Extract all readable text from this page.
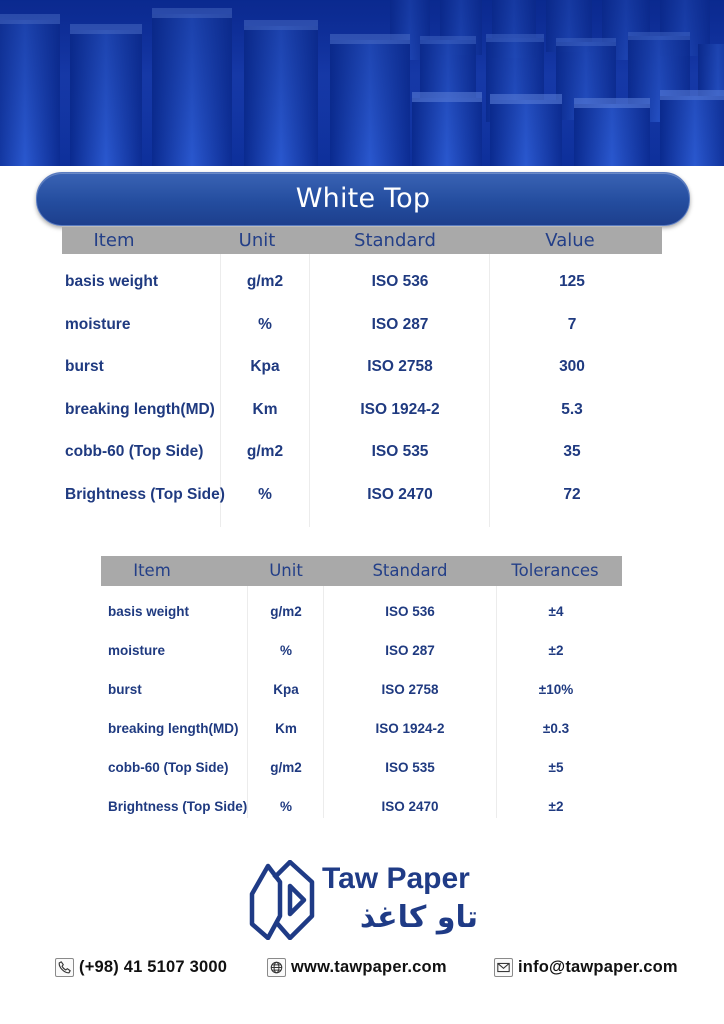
White Top
Item	Unit	Standard	Value
basis weight	g/m2	ISO 536	125
moisture	%	ISO 287	7
burst	Kpa	ISO 2758	300
breaking length(MD)	Km	ISO 1924-2	5.3
cobb-60 (Top Side)	g/m2	ISO 535	35
Brightness (Top Side)	%	ISO 2470	72
Item	Unit	Standard	Tolerances
basis weight	g/m2	ISO 536	±4
moisture	%	ISO 287	±2
burst	Kpa	ISO 2758	±10%
breaking length(MD)	Km	ISO 1924-2	±0.3
cobb-60 (Top Side)	g/m2	ISO 535	±5
Brightness (Top Side)	%	ISO 2470	±2
Taw Paper
تاو کاغذ
(+98) 41 5107 3000	www.tawpaper.com	info@tawpaper.com
